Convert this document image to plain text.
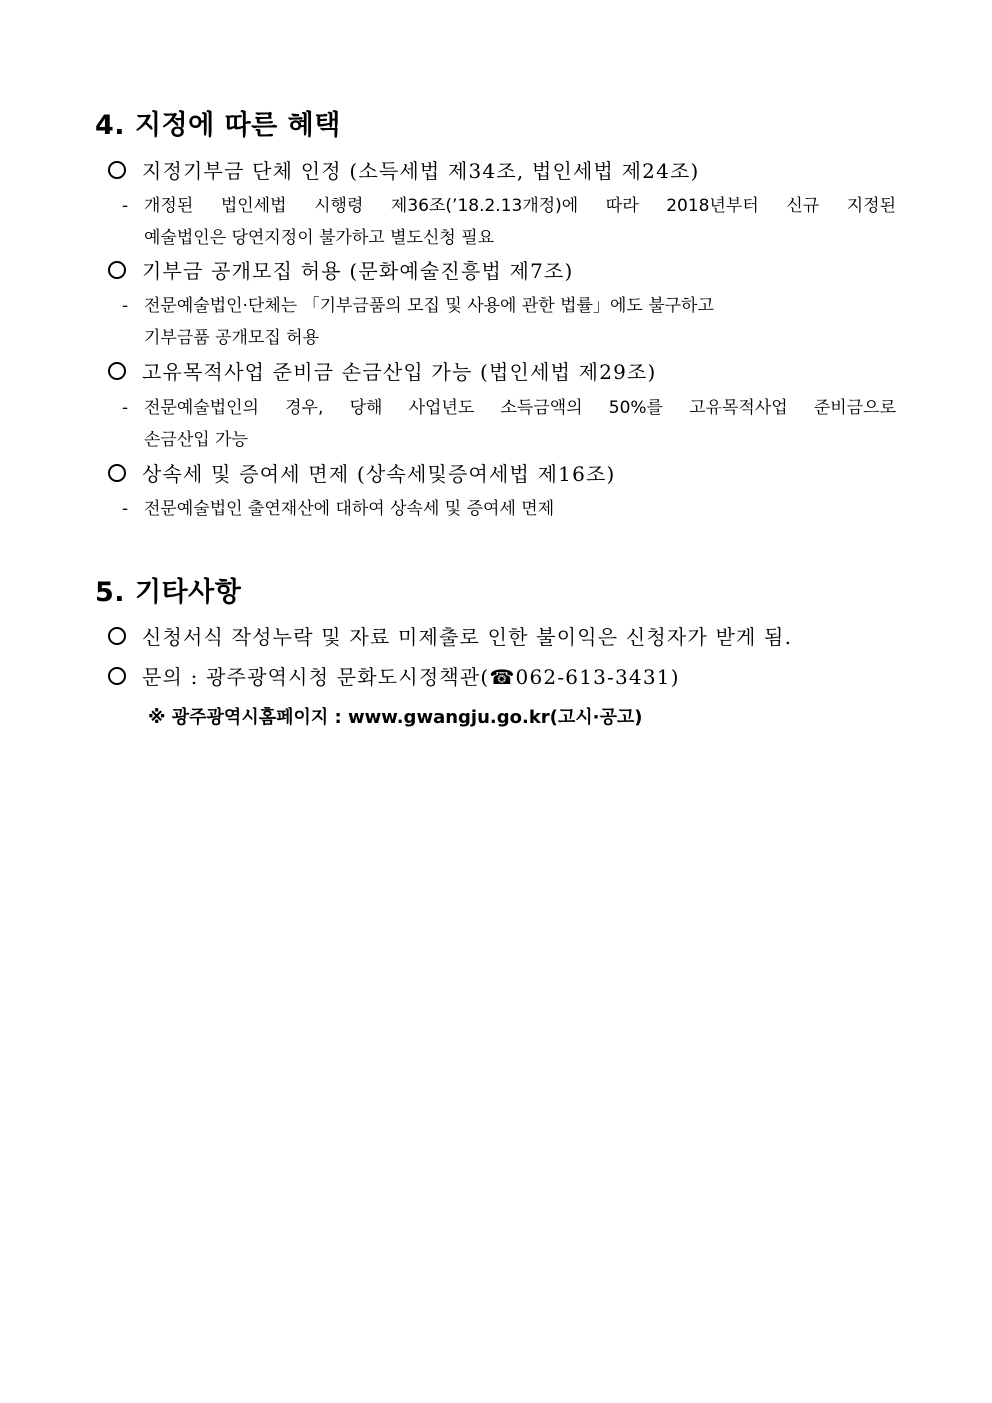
4. 지정에 따른 혜택
지정기부금 단체 인정 (소득세법 제34조, 법인세법 제24조)
- 개정된 법인세법 시행령 제36조(’18.2.13개정)에 따라 2018년부터 신규 지정된
예술법인은 당연지정이 불가하고 별도신청 필요
기부금 공개모집 허용 (문화예술진흥법 제7조)
- 전문예술법인·단체는 「기부금품의 모집 및 사용에 관한 법률」에도 불구하고
기부금품 공개모집 허용
고유목적사업 준비금 손금산입 가능 (법인세법 제29조)
- 전문예술법인의 경우, 당해 사업년도 소득금액의 50%를 고유목적사업 준비금으로
손금산입 가능
상속세 및 증여세 면제 (상속세및증여세법 제16조)
- 전문예술법인 출연재산에 대하여 상속세 및 증여세 면제
5. 기타사항
신청서식 작성누락 및 자료 미제출로 인한 불이익은 신청자가 받게 됨.
문의 : 광주광역시청 문화도시정책관(☎062-613-3431)
※ 광주광역시홈페이지 : www.gwangju.go.kr(고시·공고)
